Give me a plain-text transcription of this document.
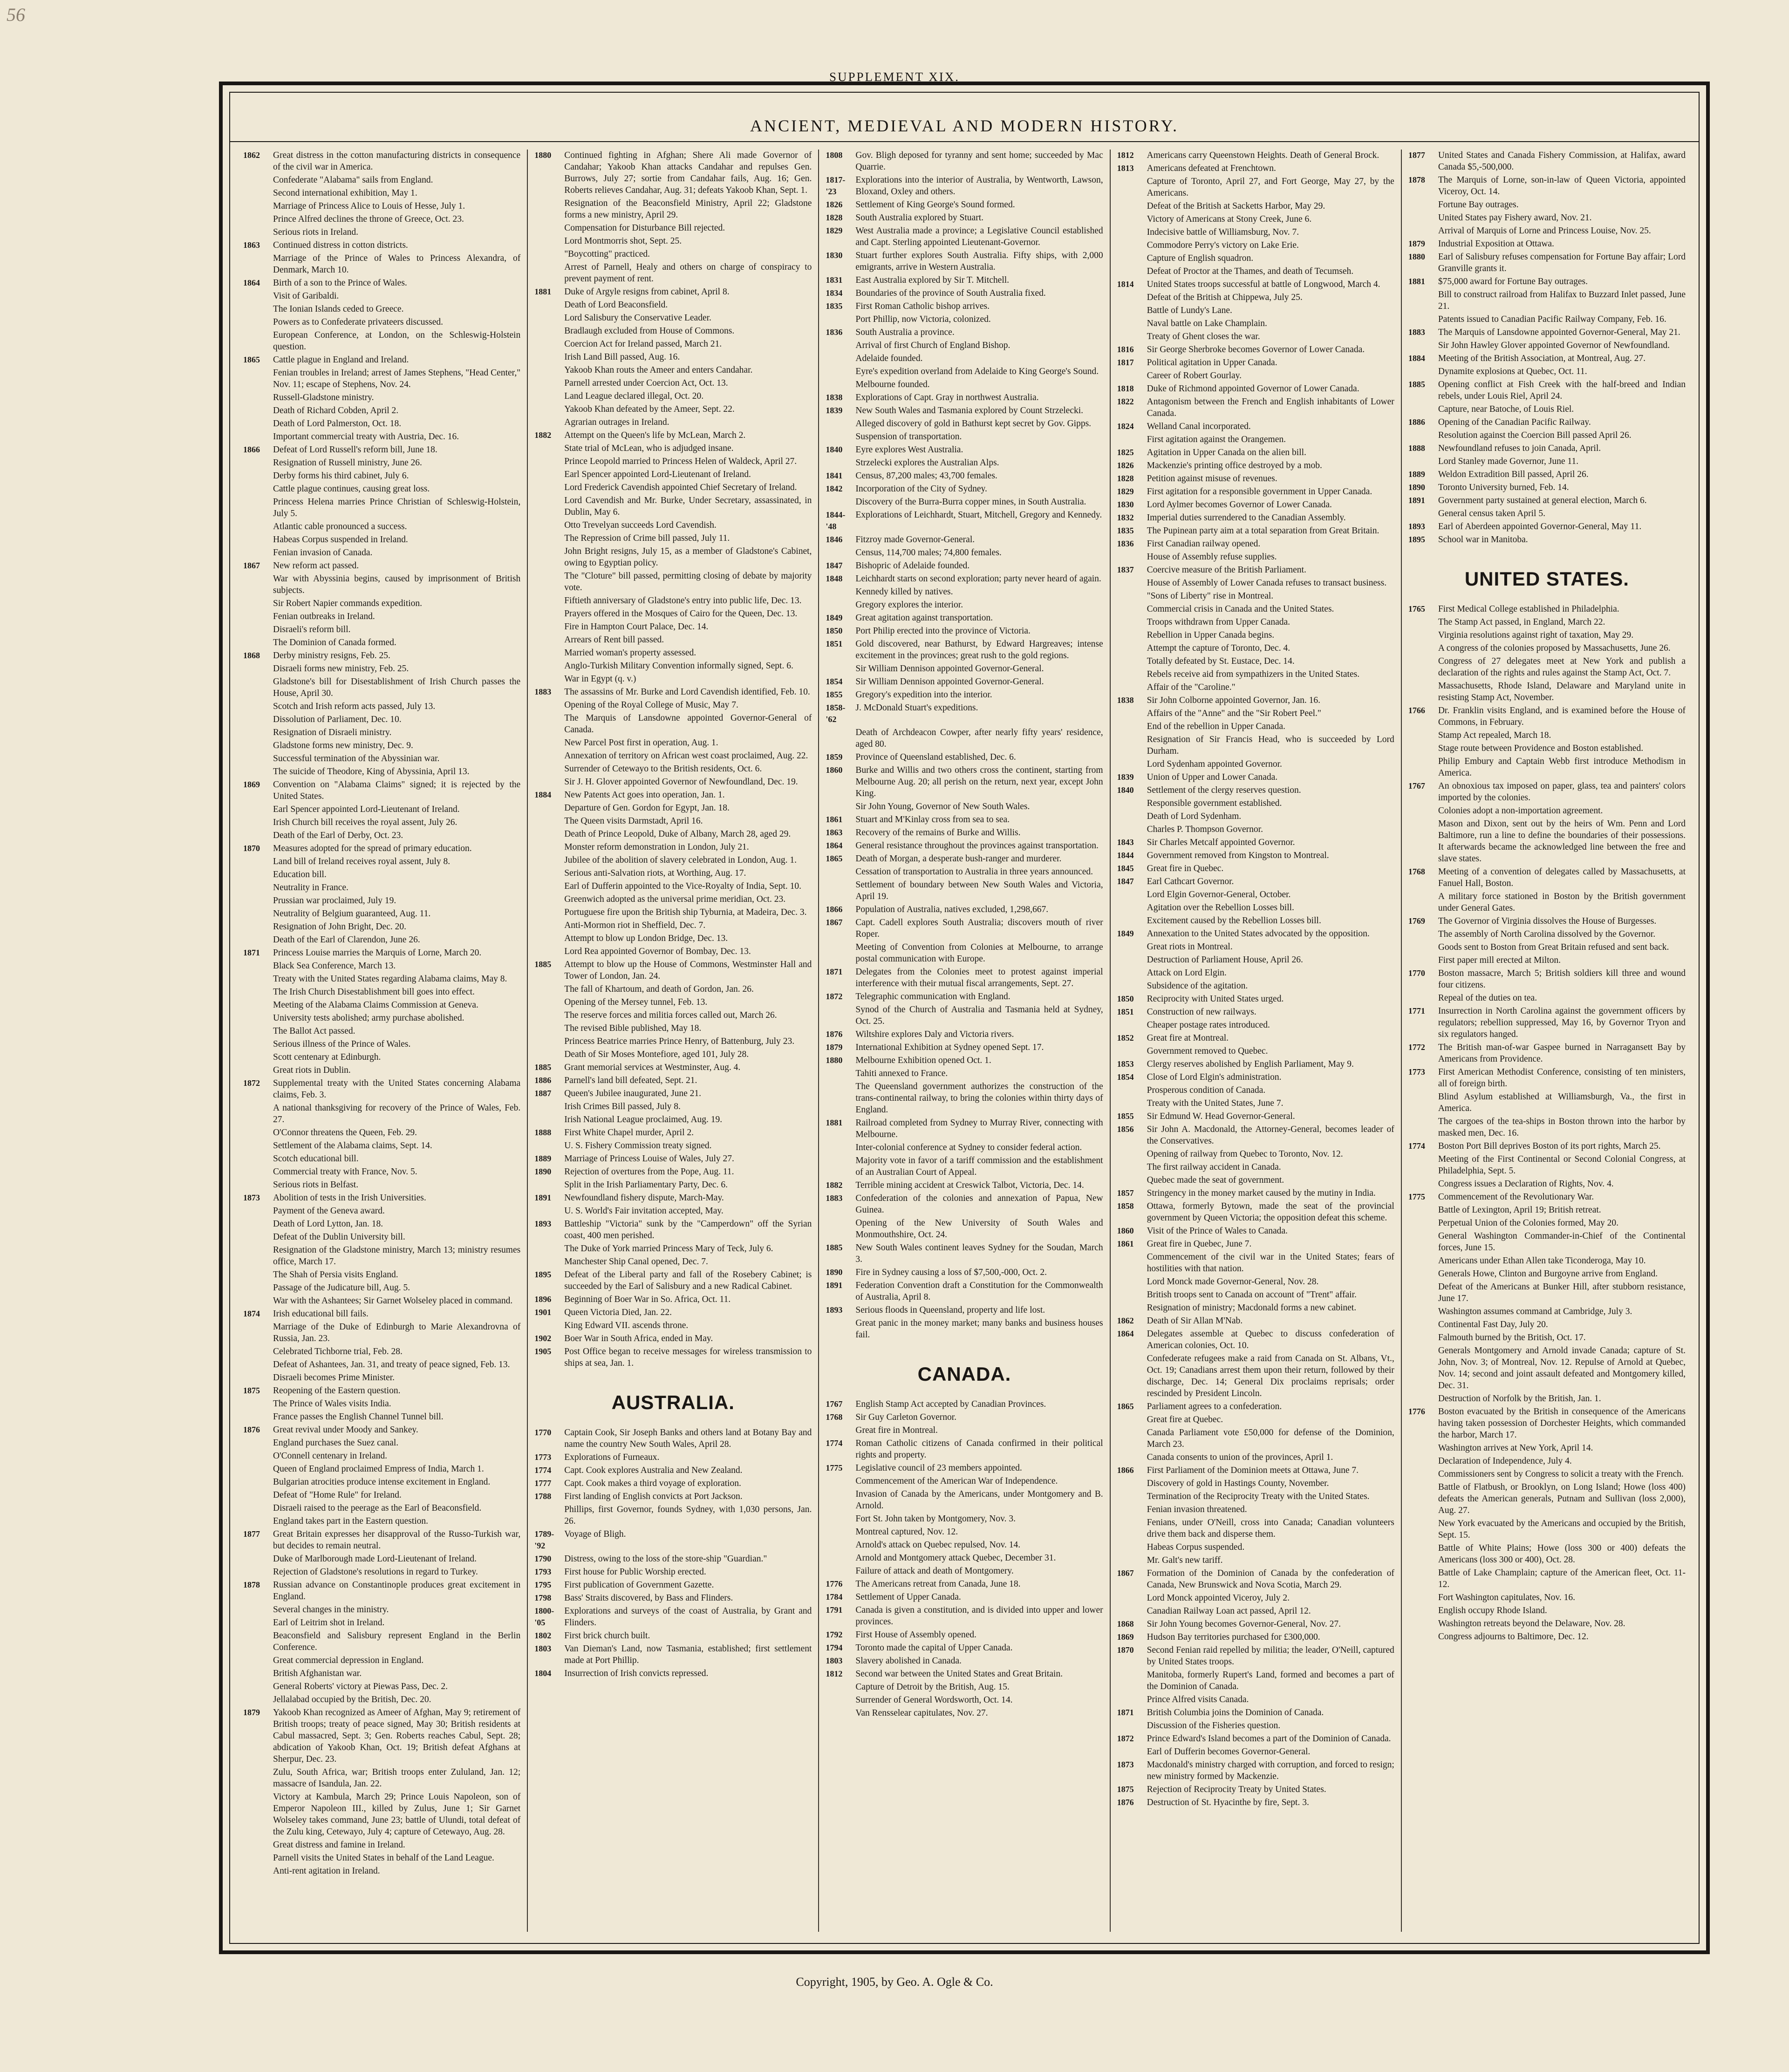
56
SUPPLEMENT XIX.
ANCIENT, MEDIEVAL AND MODERN HISTORY.
1862	Great distress in the cotton manufacturing districts in consequence of the civil war in America.
Confederate "Alabama" sails from England.
Second international exhibition, May 1.
Marriage of Princess Alice to Louis of Hesse, July 1.
Prince Alfred declines the throne of Greece, Oct. 23.
Serious riots in Ireland.
1863	Continued distress in cotton districts.
Marriage of the Prince of Wales to Princess Alexandra, of Denmark, March 10.
1864	Birth of a son to the Prince of Wales.
Visit of Garibaldi.
The Ionian Islands ceded to Greece.
Powers as to Confederate privateers discussed.
European Conference, at London, on the Schleswig-Holstein question.
1865	Cattle plague in England and Ireland.
Fenian troubles in Ireland; arrest of James Stephens, "Head Center," Nov. 11; escape of Stephens, Nov. 24.
Russell-Gladstone ministry.
Death of Richard Cobden, April 2.
Death of Lord Palmerston, Oct. 18.
Important commercial treaty with Austria, Dec. 16.
1866	Defeat of Lord Russell's reform bill, June 18.
Resignation of Russell ministry, June 26.
Derby forms his third cabinet, July 6.
Cattle plague continues, causing great loss.
Princess Helena marries Prince Christian of Schleswig-Holstein, July 5.
Atlantic cable pronounced a success.
Habeas Corpus suspended in Ireland.
Fenian invasion of Canada.
1867	New reform act passed.
War with Abyssinia begins, caused by imprisonment of British subjects.
Sir Robert Napier commands expedition.
Fenian outbreaks in Ireland.
Disraeli's reform bill.
The Dominion of Canada formed.
1868	Derby ministry resigns, Feb. 25.
Disraeli forms new ministry, Feb. 25.
Gladstone's bill for Disestablishment of Irish Church passes the House, April 30.
Scotch and Irish reform acts passed, July 13.
Dissolution of Parliament, Dec. 10.
Resignation of Disraeli ministry.
Gladstone forms new ministry, Dec. 9.
Successful termination of the Abyssinian war.
The suicide of Theodore, King of Abyssinia, April 13.
1869	Convention on "Alabama Claims" signed; it is rejected by the United States.
Earl Spencer appointed Lord-Lieutenant of Ireland.
Irish Church bill receives the royal assent, July 26.
Death of the Earl of Derby, Oct. 23.
1870	Measures adopted for the spread of primary education.
Land bill of Ireland receives royal assent, July 8.
Education bill.
Neutrality in France.
Prussian war proclaimed, July 19.
Neutrality of Belgium guaranteed, Aug. 11.
Resignation of John Bright, Dec. 20.
Death of the Earl of Clarendon, June 26.
1871	Princess Louise marries the Marquis of Lorne, March 20.
Black Sea Conference, March 13.
Treaty with the United States regarding Alabama claims, May 8.
The Irish Church Disestablishment bill goes into effect.
Meeting of the Alabama Claims Commission at Geneva.
University tests abolished; army purchase abolished.
The Ballot Act passed.
Serious illness of the Prince of Wales.
Scott centenary at Edinburgh.
Great riots in Dublin.
1872	Supplemental treaty with the United States concerning Alabama claims, Feb. 3.
A national thanksgiving for recovery of the Prince of Wales, Feb. 27.
O'Connor threatens the Queen, Feb. 29.
Settlement of the Alabama claims, Sept. 14.
Scotch educational bill.
Commercial treaty with France, Nov. 5.
Serious riots in Belfast.
1873	Abolition of tests in the Irish Universities.
Payment of the Geneva award.
Death of Lord Lytton, Jan. 18.
Defeat of the Dublin University bill.
Resignation of the Gladstone ministry, March 13; ministry resumes office, March 17.
The Shah of Persia visits England.
Passage of the Judicature bill, Aug. 5.
War with the Ashantees; Sir Garnet Wolseley placed in command.
1874	Irish educational bill fails.
Marriage of the Duke of Edinburgh to Marie Alexandrovna of Russia, Jan. 23.
Celebrated Tichborne trial, Feb. 28.
Defeat of Ashantees, Jan. 31, and treaty of peace signed, Feb. 13.
Disraeli becomes Prime Minister.
1875	Reopening of the Eastern question.
The Prince of Wales visits India.
France passes the English Channel Tunnel bill.
1876	Great revival under Moody and Sankey.
England purchases the Suez canal.
O'Connell centenary in Ireland.
Queen of England proclaimed Empress of India, March 1.
Bulgarian atrocities produce intense excitement in England.
Defeat of "Home Rule" for Ireland.
Disraeli raised to the peerage as the Earl of Beaconsfield.
England takes part in the Eastern question.
1877	Great Britain expresses her disapproval of the Russo-Turkish war, but decides to remain neutral.
Duke of Marlborough made Lord-Lieutenant of Ireland.
Rejection of Gladstone's resolutions in regard to Turkey.
1878	Russian advance on Constantinople produces great excitement in England.
Several changes in the ministry.
Earl of Leitrim shot in Ireland.
Beaconsfield and Salisbury represent England in the Berlin Conference.
Great commercial depression in England.
British Afghanistan war.
General Roberts' victory at Piewas Pass, Dec. 2.
Jellalabad occupied by the British, Dec. 20.
1879	Yakoob Khan recognized as Ameer of Afghan, May 9; retirement of British troops; treaty of peace signed, May 30; British residents at Cabul massacred, Sept. 3; Gen. Roberts reaches Cabul, Sept. 28; abdication of Yakoob Khan, Oct. 19; British defeat Afghans at Sherpur, Dec. 23.
Zulu, South Africa, war; British troops enter Zululand, Jan. 12; massacre of Isandula, Jan. 22.
Victory at Kambula, March 29; Prince Louis Napoleon, son of Emperor Napoleon III., killed by Zulus, June 1; Sir Garnet Wolseley takes command, June 23; battle of Ulundi, total defeat of the Zulu king, Cetewayo, July 4; capture of Cetewayo, Aug. 28.
Great distress and famine in Ireland.
Parnell visits the United States in behalf of the Land League.
Anti-rent agitation in Ireland.
1880	Continued fighting in Afghan; Shere Ali made Governor of Candahar; Yakoob Khan attacks Candahar and repulses Gen. Burrows, July 27; sortie from Candahar fails, Aug. 16; Gen. Roberts relieves Candahar, Aug. 31; defeats Yakoob Khan, Sept. 1.
Resignation of the Beaconsfield Ministry, April 22; Gladstone forms a new ministry, April 29.
Compensation for Disturbance Bill rejected.
Lord Montmorris shot, Sept. 25.
"Boycotting" practiced.
Arrest of Parnell, Healy and others on charge of conspiracy to prevent payment of rent.
1881	Duke of Argyle resigns from cabinet, April 8.
Death of Lord Beaconsfield.
Lord Salisbury the Conservative Leader.
Bradlaugh excluded from House of Commons.
Coercion Act for Ireland passed, March 21.
Irish Land Bill passed, Aug. 16.
Yakoob Khan routs the Ameer and enters Candahar.
Parnell arrested under Coercion Act, Oct. 13.
Land League declared illegal, Oct. 20.
Yakoob Khan defeated by the Ameer, Sept. 22.
Agrarian outrages in Ireland.
1882	Attempt on the Queen's life by McLean, March 2.
State trial of McLean, who is adjudged insane.
Prince Leopold married to Princess Helen of Waldeck, April 27.
Earl Spencer appointed Lord-Lieutenant of Ireland.
Lord Frederick Cavendish appointed Chief Secretary of Ireland.
Lord Cavendish and Mr. Burke, Under Secretary, assassinated, in Dublin, May 6.
Otto Trevelyan succeeds Lord Cavendish.
The Repression of Crime bill passed, July 11.
John Bright resigns, July 15, as a member of Gladstone's Cabinet, owing to Egyptian policy.
The "Cloture" bill passed, permitting closing of debate by majority vote.
Fiftieth anniversary of Gladstone's entry into public life, Dec. 13.
Prayers offered in the Mosques of Cairo for the Queen, Dec. 13.
Fire in Hampton Court Palace, Dec. 14.
Arrears of Rent bill passed.
Married woman's property assessed.
Anglo-Turkish Military Convention informally signed, Sept. 6.
War in Egypt (q. v.)
1883	The assassins of Mr. Burke and Lord Cavendish identified, Feb. 10.
Opening of the Royal College of Music, May 7.
The Marquis of Lansdowne appointed Governor-General of Canada.
New Parcel Post first in operation, Aug. 1.
Annexation of territory on African west coast proclaimed, Aug. 22.
Surrender of Cetewayo to the British residents, Oct. 6.
Sir J. H. Glover appointed Governor of Newfoundland, Dec. 19.
1884	New Patents Act goes into operation, Jan. 1.
Departure of Gen. Gordon for Egypt, Jan. 18.
The Queen visits Darmstadt, April 16.
Death of Prince Leopold, Duke of Albany, March 28, aged 29.
Monster reform demonstration in London, July 21.
Jubilee of the abolition of slavery celebrated in London, Aug. 1.
Serious anti-Salvation riots, at Worthing, Aug. 17.
Earl of Dufferin appointed to the Vice-Royalty of India, Sept. 10.
Greenwich adopted as the universal prime meridian, Oct. 23.
Portuguese fire upon the British ship Tyburnia, at Madeira, Dec. 3.
Anti-Mormon riot in Sheffield, Dec. 7.
Attempt to blow up London Bridge, Dec. 13.
Lord Rea appointed Governor of Bombay, Dec. 13.
1885	Attempt to blow up the House of Commons, Westminster Hall and Tower of London, Jan. 24.
The fall of Khartoum, and death of Gordon, Jan. 26.
Opening of the Mersey tunnel, Feb. 13.
The reserve forces and militia forces called out, March 26.
The revised Bible published, May 18.
Princess Beatrice marries Prince Henry, of Battenburg, July 23.
Death of Sir Moses Montefiore, aged 101, July 28.
1885	Grant memorial services at Westminster, Aug. 4.
1886	Parnell's land bill defeated, Sept. 21.
1887	Queen's Jubilee inaugurated, June 21.
Irish Crimes Bill passed, July 8.
Irish National League proclaimed, Aug. 19.
1888	First White Chapel murder, April 2.
U. S. Fishery Commission treaty signed.
1889	Marriage of Princess Louise of Wales, July 27.
1890	Rejection of overtures from the Pope, Aug. 11.
Split in the Irish Parliamentary Party, Dec. 6.
1891	Newfoundland fishery dispute, March-May.
U. S. World's Fair invitation accepted, May.
1893	Battleship "Victoria" sunk by the "Camperdown" off the Syrian coast, 400 men perished.
The Duke of York married Princess Mary of Teck, July 6.
Manchester Ship Canal opened, Dec. 7.
1895	Defeat of the Liberal party and fall of the Rosebery Cabinet; is succeeded by the Earl of Salisbury and a new Radical Cabinet.
1896	Beginning of Boer War in So. Africa, Oct. 11.
1901	Queen Victoria Died, Jan. 22.
King Edward VII. ascends throne.
1902	Boer War in South Africa, ended in May.
1905	Post Office began to receive messages for wireless transmission to ships at sea, Jan. 1.
AUSTRALIA.
1770	Captain Cook, Sir Joseph Banks and others land at Botany Bay and name the country New South Wales, April 28.
1773	Explorations of Furneaux.
1774	Capt. Cook explores Australia and New Zealand.
1777	Capt. Cook makes a third voyage of exploration.
1788	First landing of English convicts at Port Jackson.
Phillips, first Governor, founds Sydney, with 1,030 persons, Jan. 26.
1789-'92
Voyage of Bligh.
1790	Distress, owing to the loss of the store-ship "Guardian."
1793	First house for Public Worship erected.
1795	First publication of Government Gazette.
1798	Bass' Straits discovered, by Bass and Flinders.
1800-'05
Explorations and surveys of the coast of Australia, by Grant and Flinders.
1802	First brick church built.
1803	Van Dieman's Land, now Tasmania, established; first settlement made at Port Phillip.
1804	Insurrection of Irish convicts repressed.
1808	Gov. Bligh deposed for tyranny and sent home; succeeded by Mac Quarrie.
1817-'23
Explorations into the interior of Australia, by Wentworth, Lawson, Bloxand, Oxley and others.
1826	Settlement of King George's Sound formed.
1828	South Australia explored by Stuart.
1829	West Australia made a province; a Legislative Council established and Capt. Sterling appointed Lieutenant-Governor.
1830	Stuart further explores South Australia. Fifty ships, with 2,000 emigrants, arrive in Western Australia.
1831	East Australia explored by Sir T. Mitchell.
1834	Boundaries of the province of South Australia fixed.
1835	First Roman Catholic bishop arrives.
Port Phillip, now Victoria, colonized.
1836	South Australia a province.
Arrival of first Church of England Bishop.
Adelaide founded.
Eyre's expedition overland from Adelaide to King George's Sound.
Melbourne founded.
1838	Explorations of Capt. Gray in northwest Australia.
1839	New South Wales and Tasmania explored by Count Strzelecki.
Alleged discovery of gold in Bathurst kept secret by Gov. Gipps.
Suspension of transportation.
1840	Eyre explores West Australia.
Strzelecki explores the Australian Alps.
1841	Census, 87,200 males; 43,700 females.
1842	Incorporation of the City of Sydney.
Discovery of the Burra-Burra copper mines, in South Australia.
1844-'48
Explorations of Leichhardt, Stuart, Mitchell, Gregory and Kennedy.
1846	Fitzroy made Governor-General.
Census, 114,700 males; 74,800 females.
1847	Bishopric of Adelaide founded.
1848	Leichhardt starts on second exploration; party never heard of again.
Kennedy killed by natives.
Gregory explores the interior.
1849	Great agitation against transportation.
1850	Port Philip erected into the province of Victoria.
1851	Gold discovered, near Bathurst, by Edward Hargreaves; intense excitement in the provinces; great rush to the gold regions.
Sir William Dennison appointed Governor-General.
1854	Sir William Dennison appointed Governor-General.
1855	Gregory's expedition into the interior.
1858-'62
J. McDonald Stuart's expeditions.
Death of Archdeacon Cowper, after nearly fifty years' residence, aged 80.
1859	Province of Queensland established, Dec. 6.
1860	Burke and Willis and two others cross the continent, starting from Melbourne Aug. 20; all perish on the return, next year, except John King.
Sir John Young, Governor of New South Wales.
1861	Stuart and M'Kinlay cross from sea to sea.
1863	Recovery of the remains of Burke and Willis.
1864	General resistance throughout the provinces against transportation.
1865	Death of Morgan, a desperate bush-ranger and murderer.
Cessation of transportation to Australia in three years announced.
Settlement of boundary between New South Wales and Victoria, April 19.
1866	Population of Australia, natives excluded, 1,298,667.
1867	Capt. Cadell explores South Australia; discovers mouth of river Roper.
Meeting of Convention from Colonies at Melbourne, to arrange postal communication with Europe.
1871	Delegates from the Colonies meet to protest against imperial interference with their mutual fiscal arrangements, Sept. 27.
1872	Telegraphic communication with England.
Synod of the Church of Australia and Tasmania held at Sydney, Oct. 25.
1876	Wiltshire explores Daly and Victoria rivers.
1879	International Exhibition at Sydney opened Sept. 17.
1880	Melbourne Exhibition opened Oct. 1.
Tahiti annexed to France.
The Queensland government authorizes the construction of the trans-continental railway, to bring the colonies within thirty days of England.
1881	Railroad completed from Sydney to Murray River, connecting with Melbourne.
Inter-colonial conference at Sydney to consider federal action.
Majority vote in favor of a tariff commission and the establishment of an Australian Court of Appeal.
1882	Terrible mining accident at Creswick Talbot, Victoria, Dec. 14.
1883	Confederation of the colonies and annexation of Papua, New Guinea.
Opening of the New University of South Wales and Monmouthshire, Oct. 24.
1885	New South Wales continent leaves Sydney for the Soudan, March 3.
1890	Fire in Sydney causing a loss of $7,500,-000, Oct. 2.
1891	Federation Convention draft a Constitution for the Commonwealth of Australia, April 8.
1893	Serious floods in Queensland, property and life lost.
Great panic in the money market; many banks and business houses fail.
CANADA.
1767	English Stamp Act accepted by Canadian Provinces.
1768	Sir Guy Carleton Governor.
Great fire in Montreal.
1774	Roman Catholic citizens of Canada confirmed in their political rights and property.
1775	Legislative council of 23 members appointed.
Commencement of the American War of Independence.
Invasion of Canada by the Americans, under Montgomery and B. Arnold.
Fort St. John taken by Montgomery, Nov. 3.
Montreal captured, Nov. 12.
Arnold's attack on Quebec repulsed, Nov. 14.
Arnold and Montgomery attack Quebec, December 31.
Failure of attack and death of Montgomery.
1776	The Americans retreat from Canada, June 18.
1784	Settlement of Upper Canada.
1791	Canada is given a constitution, and is divided into upper and lower provinces.
1792	First House of Assembly opened.
1794	Toronto made the capital of Upper Canada.
1803	Slavery abolished in Canada.
1812	Second war between the United States and Great Britain.
Capture of Detroit by the British, Aug. 15.
Surrender of General Wordsworth, Oct. 14.
Van Rensselear capitulates, Nov. 27.
1812	Americans carry Queenstown Heights. Death of General Brock.
1813	Americans defeated at Frenchtown.
Capture of Toronto, April 27, and Fort George, May 27, by the Americans.
Defeat of the British at Sacketts Harbor, May 29.
Victory of Americans at Stony Creek, June 6.
Indecisive battle of Williamsburg, Nov. 7.
Commodore Perry's victory on Lake Erie.
Capture of English squadron.
Defeat of Proctor at the Thames, and death of Tecumseh.
1814	United States troops successful at battle of Longwood, March 4.
Defeat of the British at Chippewa, July 25.
Battle of Lundy's Lane.
Naval battle on Lake Champlain.
Treaty of Ghent closes the war.
1816	Sir George Sherbroke becomes Governor of Lower Canada.
1817	Political agitation in Upper Canada.
Career of Robert Gourlay.
1818	Duke of Richmond appointed Governor of Lower Canada.
1822	Antagonism between the French and English inhabitants of Lower Canada.
1824	Welland Canal incorporated.
First agitation against the Orangemen.
1825	Agitation in Upper Canada on the alien bill.
1826	Mackenzie's printing office destroyed by a mob.
1828	Petition against misuse of revenues.
1829	First agitation for a responsible government in Upper Canada.
1830	Lord Aylmer becomes Governor of Lower Canada.
1832	Imperial duties surrendered to the Canadian Assembly.
1835	The Pupinean party aim at a total separation from Great Britain.
1836	First Canadian railway opened.
House of Assembly refuse supplies.
1837	Coercive measure of the British Parliament.
House of Assembly of Lower Canada refuses to transact business.
"Sons of Liberty" rise in Montreal.
Commercial crisis in Canada and the United States.
Troops withdrawn from Upper Canada.
Rebellion in Upper Canada begins.
Attempt the capture of Toronto, Dec. 4.
Totally defeated by St. Eustace, Dec. 14.
Rebels receive aid from sympathizers in the United States.
Affair of the "Caroline."
1838	Sir John Colborne appointed Governor, Jan. 16.
Affairs of the "Anne" and the "Sir Robert Peel."
End of the rebellion in Upper Canada.
Resignation of Sir Francis Head, who is succeeded by Lord Durham.
Lord Sydenham appointed Governor.
1839	Union of Upper and Lower Canada.
1840	Settlement of the clergy reserves question.
Responsible government established.
Death of Lord Sydenham.
Charles P. Thompson Governor.
1843	Sir Charles Metcalf appointed Governor.
1844	Government removed from Kingston to Montreal.
1845	Great fire in Quebec.
1847	Earl Cathcart Governor.
Lord Elgin Governor-General, October.
Agitation over the Rebellion Losses bill.
Excitement caused by the Rebellion Losses bill.
1849	Annexation to the United States advocated by the opposition.
Great riots in Montreal.
Destruction of Parliament House, April 26.
Attack on Lord Elgin.
Subsidence of the agitation.
1850	Reciprocity with United States urged.
1851	Construction of new railways.
Cheaper postage rates introduced.
1852	Great fire at Montreal.
Government removed to Quebec.
1853	Clergy reserves abolished by English Parliament, May 9.
1854	Close of Lord Elgin's administration.
Prosperous condition of Canada.
Treaty with the United States, June 7.
1855	Sir Edmund W. Head Governor-General.
1856	Sir John A. Macdonald, the Attorney-General, becomes leader of the Conservatives.
Opening of railway from Quebec to Toronto, Nov. 12.
The first railway accident in Canada.
Quebec made the seat of government.
1857	Stringency in the money market caused by the mutiny in India.
1858	Ottawa, formerly Bytown, made the seat of the provincial government by Queen Victoria; the opposition defeat this scheme.
1860	Visit of the Prince of Wales to Canada.
1861	Great fire in Quebec, June 7.
Commencement of the civil war in the United States; fears of hostilities with that nation.
Lord Monck made Governor-General, Nov. 28.
British troops sent to Canada on account of "Trent" affair.
Resignation of ministry; Macdonald forms a new cabinet.
1862	Death of Sir Allan M'Nab.
1864	Delegates assemble at Quebec to discuss confederation of American colonies, Oct. 10.
Confederate refugees make a raid from Canada on St. Albans, Vt., Oct. 19; Canadians arrest them upon their return, followed by their discharge, Dec. 14; General Dix proclaims reprisals; order rescinded by President Lincoln.
1865	Parliament agrees to a confederation.
Great fire at Quebec.
Canada Parliament vote £50,000 for defense of the Dominion, March 23.
Canada consents to union of the provinces, April 1.
1866	First Parliament of the Dominion meets at Ottawa, June 7.
Discovery of gold in Hastings County, November.
Termination of the Reciprocity Treaty with the United States.
Fenian invasion threatened.
Fenians, under O'Neill, cross into Canada; Canadian volunteers drive them back and disperse them.
Habeas Corpus suspended.
Mr. Galt's new tariff.
1867	Formation of the Dominion of Canada by the confederation of Canada, New Brunswick and Nova Scotia, March 29.
Lord Monck appointed Viceroy, July 2.
Canadian Railway Loan act passed, April 12.
1868	Sir John Young becomes Governor-General, Nov. 27.
1869	Hudson Bay territories purchased for £300,000.
1870	Second Fenian raid repelled by militia; the leader, O'Neill, captured by United States troops.
Manitoba, formerly Rupert's Land, formed and becomes a part of the Dominion of Canada.
Prince Alfred visits Canada.
1871	British Columbia joins the Dominion of Canada.
Discussion of the Fisheries question.
1872	Prince Edward's Island becomes a part of the Dominion of Canada.
Earl of Dufferin becomes Governor-General.
1873	Macdonald's ministry charged with corruption, and forced to resign; new ministry formed by Mackenzie.
1875	Rejection of Reciprocity Treaty by United States.
1876	Destruction of St. Hyacinthe by fire, Sept. 3.
1877	United States and Canada Fishery Commission, at Halifax, award Canada $5,-500,000.
1878	The Marquis of Lorne, son-in-law of Queen Victoria, appointed Viceroy, Oct. 14.
Fortune Bay outrages.
United States pay Fishery award, Nov. 21.
Arrival of Marquis of Lorne and Princess Louise, Nov. 25.
1879	Industrial Exposition at Ottawa.
1880	Earl of Salisbury refuses compensation for Fortune Bay affair; Lord Granville grants it.
1881	$75,000 award for Fortune Bay outrages.
Bill to construct railroad from Halifax to Buzzard Inlet passed, June 21.
Patents issued to Canadian Pacific Railway Company, Feb. 16.
1883	The Marquis of Lansdowne appointed Governor-General, May 21.
Sir John Hawley Glover appointed Governor of Newfoundland.
1884	Meeting of the British Association, at Montreal, Aug. 27.
Dynamite explosions at Quebec, Oct. 11.
1885	Opening conflict at Fish Creek with the half-breed and Indian rebels, under Louis Riel, April 24.
Capture, near Batoche, of Louis Riel.
1886	Opening of the Canadian Pacific Railway.
Resolution against the Coercion Bill passed April 26.
1888	Newfoundland refuses to join Canada, April.
Lord Stanley made Governor, June 11.
1889	Weldon Extradition Bill passed, April 26.
1890	Toronto University burned, Feb. 14.
1891	Government party sustained at general election, March 6.
General census taken April 5.
1893	Earl of Aberdeen appointed Governor-General, May 11.
1895	School war in Manitoba.
UNITED STATES.
1765	First Medical College established in Philadelphia.
The Stamp Act passed, in England, March 22.
Virginia resolutions against right of taxation, May 29.
A congress of the colonies proposed by Massachusetts, June 26.
Congress of 27 delegates meet at New York and publish a declaration of the rights and rules against the Stamp Act, Oct. 7.
Massachusetts, Rhode Island, Delaware and Maryland unite in resisting Stamp Act, November.
1766	Dr. Franklin visits England, and is examined before the House of Commons, in February.
Stamp Act repealed, March 18.
Stage route between Providence and Boston established.
Philip Embury and Captain Webb first introduce Methodism in America.
1767	An obnoxious tax imposed on paper, glass, tea and painters' colors imported by the colonies.
Colonies adopt a non-importation agreement.
Mason and Dixon, sent out by the heirs of Wm. Penn and Lord Baltimore, run a line to define the boundaries of their possessions. It afterwards became the acknowledged line between the free and slave states.
1768	Meeting of a convention of delegates called by Massachusetts, at Fanuel Hall, Boston.
A military force stationed in Boston by the British government under General Gates.
1769	The Governor of Virginia dissolves the House of Burgesses.
The assembly of North Carolina dissolved by the Governor.
Goods sent to Boston from Great Britain refused and sent back.
First paper mill erected at Milton.
1770	Boston massacre, March 5; British soldiers kill three and wound four citizens.
Repeal of the duties on tea.
1771	Insurrection in North Carolina against the government officers by regulators; rebellion suppressed, May 16, by Governor Tryon and six regulators hanged.
1772	The British man-of-war Gaspee burned in Narragansett Bay by Americans from Providence.
1773	First American Methodist Conference, consisting of ten ministers, all of foreign birth.
Blind Asylum established at Williamsburgh, Va., the first in America.
The cargoes of the tea-ships in Boston thrown into the harbor by masked men, Dec. 16.
1774	Boston Port Bill deprives Boston of its port rights, March 25.
Meeting of the First Continental or Second Colonial Congress, at Philadelphia, Sept. 5.
Congress issues a Declaration of Rights, Nov. 4.
1775	Commencement of the Revolutionary War.
Battle of Lexington, April 19; British retreat.
Perpetual Union of the Colonies formed, May 20.
General Washington Commander-in-Chief of the Continental forces, June 15.
Americans under Ethan Allen take Ticonderoga, May 10.
Generals Howe, Clinton and Burgoyne arrive from England.
Defeat of the Americans at Bunker Hill, after stubborn resistance, June 17.
Washington assumes command at Cambridge, July 3.
Continental Fast Day, July 20.
Falmouth burned by the British, Oct. 17.
Generals Montgomery and Arnold invade Canada; capture of St. John, Nov. 3; of Montreal, Nov. 12. Repulse of Arnold at Quebec, Nov. 14; second and joint assault defeated and Montgomery killed, Dec. 31.
Destruction of Norfolk by the British, Jan. 1.
1776	Boston evacuated by the British in consequence of the Americans having taken possession of Dorchester Heights, which commanded the harbor, March 17.
Washington arrives at New York, April 14.
Declaration of Independence, July 4.
Commissioners sent by Congress to solicit a treaty with the French.
Battle of Flatbush, or Brooklyn, on Long Island; Howe (loss 400) defeats the American generals, Putnam and Sullivan (loss 2,000), Aug. 27.
New York evacuated by the Americans and occupied by the British, Sept. 15.
Battle of White Plains; Howe (loss 300 or 400) defeats the Americans (loss 300 or 400), Oct. 28.
Battle of Lake Champlain; capture of the American fleet, Oct. 11-12.
Fort Washington capitulates, Nov. 16.
English occupy Rhode Island.
Washington retreats beyond the Delaware, Nov. 28.
Congress adjourns to Baltimore, Dec. 12.
Copyright, 1905, by Geo. A. Ogle & Co.
